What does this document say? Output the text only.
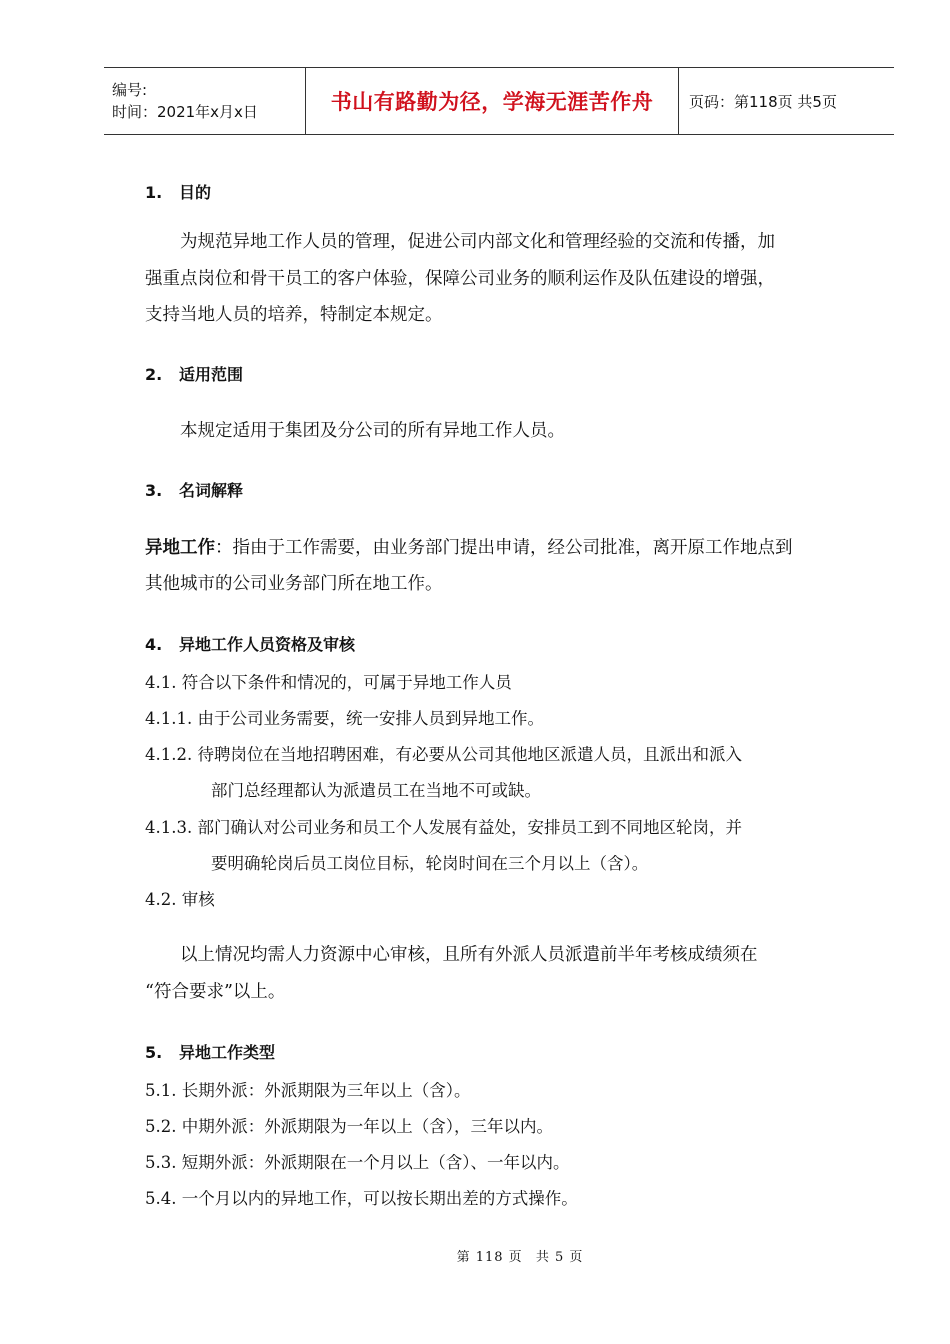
编号:
时间：2021年x月x日	书山有路勤为径，学海无涯苦作舟	页码：第118页 共5页
1. 目的
为规范异地工作人员的管理，促进公司内部文化和管理经验的交流和传播，加
强重点岗位和骨干员工的客户体验，保障公司业务的顺利运作及队伍建设的增强，
支持当地人员的培养，特制定本规定。
2. 适用范围
本规定适用于集团及分公司的所有异地工作人员。
3. 名词解释
异地工作：指由于工作需要，由业务部门提出申请，经公司批准，离开原工作地点到
其他城市的公司业务部门所在地工作。
4. 异地工作人员资格及审核
4.1. 符合以下条件和情况的，可属于异地工作人员
4.1.1. 由于公司业务需要，统一安排人员到异地工作。
4.1.2. 待聘岗位在当地招聘困难，有必要从公司其他地区派遣人员，且派出和派入
部门总经理都认为派遣员工在当地不可或缺。
4.1.3. 部门确认对公司业务和员工个人发展有益处，安排员工到不同地区轮岗，并
要明确轮岗后员工岗位目标，轮岗时间在三个月以上（含）。
4.2. 审核
以上情况均需人力资源中心审核，且所有外派人员派遣前半年考核成绩须在
“符合要求”以上。
5. 异地工作类型
5.1. 长期外派：外派期限为三年以上（含）。
5.2. 中期外派：外派期限为一年以上（含），三年以内。
5.3. 短期外派：外派期限在一个月以上（含）、一年以内。
5.4. 一个月以内的异地工作，可以按长期出差的方式操作。
第 118 页 共 5 页
